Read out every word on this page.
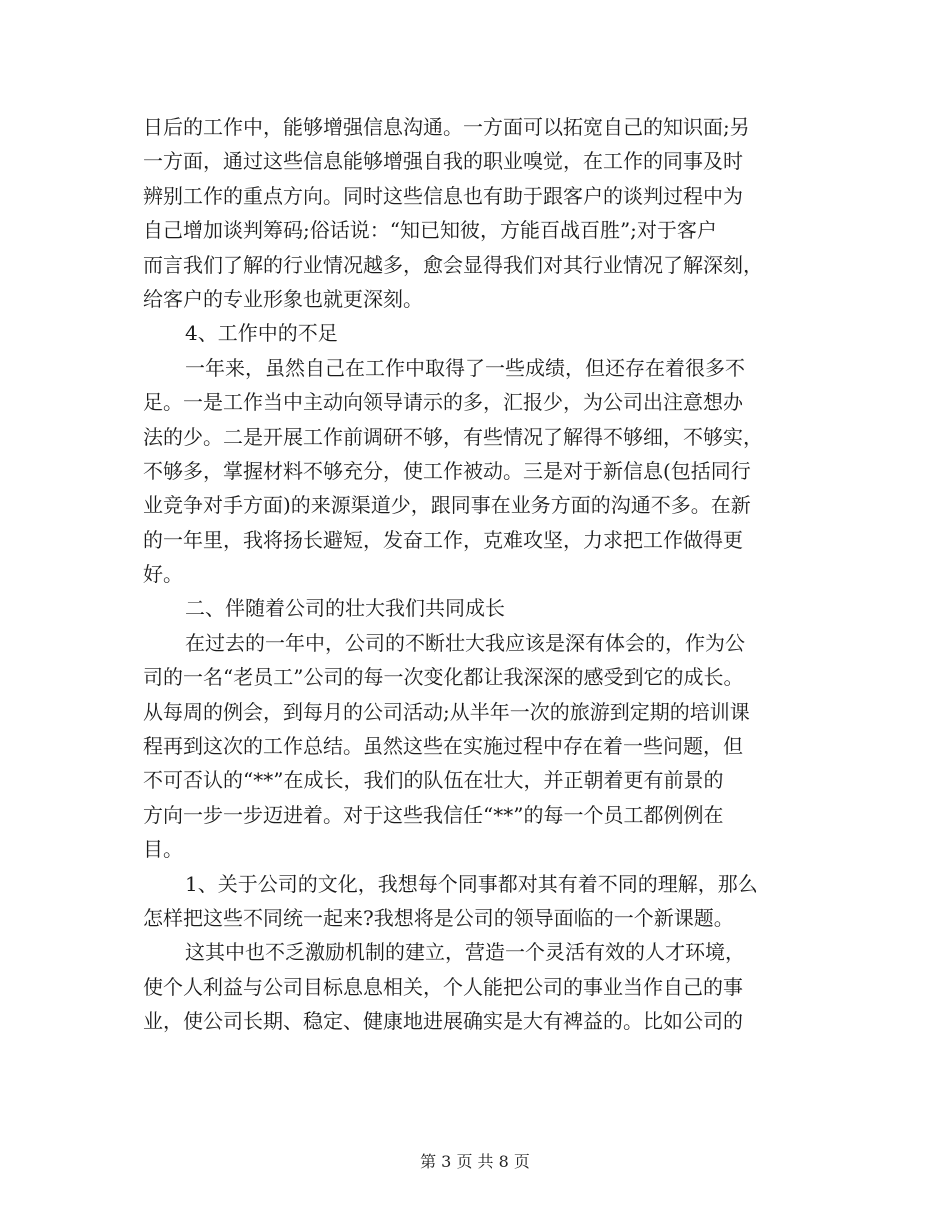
日后的工作中，能够增强信息沟通。一方面可以拓宽自己的知识面;另
一方面，通过这些信息能够增强自我的职业嗅觉，在工作的同事及时
辨别工作的重点方向。同时这些信息也有助于跟客户的谈判过程中为
自己增加谈判筹码;俗话说：“知已知彼，方能百战百胜”;对于客户
而言我们了解的行业情况越多，愈会显得我们对其行业情况了解深刻，
给客户的专业形象也就更深刻。
4、工作中的不足
一年来，虽然自己在工作中取得了一些成绩，但还存在着很多不
足。一是工作当中主动向领导请示的多，汇报少，为公司出注意想办
法的少。二是开展工作前调研不够，有些情况了解得不够细，不够实，
不够多，掌握材料不够充分，使工作被动。三是对于新信息(包括同行
业竞争对手方面)的来源渠道少，跟同事在业务方面的沟通不多。在新
的一年里，我将扬长避短，发奋工作，克难攻坚，力求把工作做得更
好。
二、伴随着公司的壮大我们共同成长
在过去的一年中，公司的不断壮大我应该是深有体会的，作为公
司的一名“老员工”公司的每一次变化都让我深深的感受到它的成长。
从每周的例会，到每月的公司活动;从半年一次的旅游到定期的培训课
程再到这次的工作总结。虽然这些在实施过程中存在着一些问题，但
不可否认的“**”在成长，我们的队伍在壮大，并正朝着更有前景的
方向一步一步迈进着。对于这些我信任“**”的每一个员工都例例在
目。
1、关于公司的文化，我想每个同事都对其有着不同的理解，那么
怎样把这些不同统一起来?我想将是公司的领导面临的一个新课题。
这其中也不乏激励机制的建立，营造一个灵活有效的人才环境，
使个人利益与公司目标息息相关，个人能把公司的事业当作自己的事
业，使公司长期、稳定、健康地进展确实是大有裨益的。比如公司的
第 3 页 共 8 页
